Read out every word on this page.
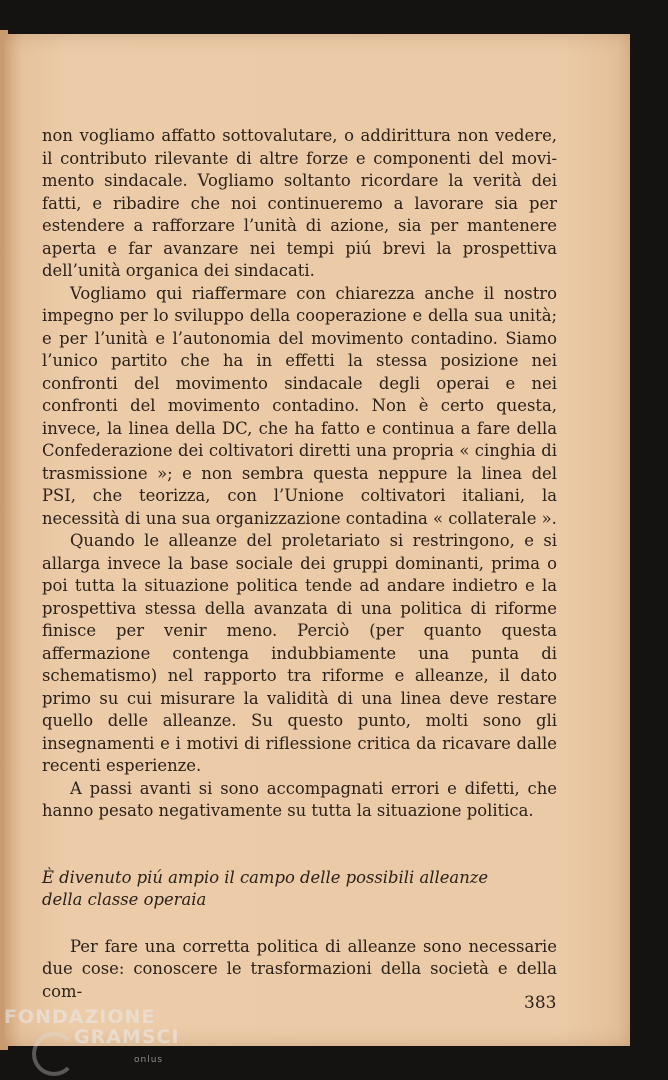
non vogliamo affatto sottovalutare, o addirittura non vedere, il contributo rilevante di altre forze e componenti del movimento sindacale. Vogliamo soltanto ricordare la verità dei fatti, e ribadire che noi continueremo a lavorare sia per estendere a rafforzare l’unità di azione, sia per mantenere aperta e far avanzare nei tempi piú brevi la prospettiva dell’unità organica dei sindacati.

Vogliamo qui riaffermare con chiarezza anche il nostro impegno per lo sviluppo della cooperazione e della sua unità; e per l’unità e l’autonomia del movimento contadino. Siamo l’unico partito che ha in effetti la stessa posizione nei confronti del movimento sindacale degli operai e nei confronti del movimento contadino. Non è certo questa, invece, la linea della DC, che ha fatto e continua a fare della Confederazione dei coltivatori diretti una propria « cinghia di trasmissione »; e non sembra questa neppure la linea del PSI, che teorizza, con l’Unione coltivatori italiani, la necessità di una sua organizzazione contadina « collaterale ».

Quando le alleanze del proletariato si restringono, e si allarga invece la base sociale dei gruppi dominanti, prima o poi tutta la situazione politica tende ad andare indietro e la prospettiva stessa della avanzata di una politica di riforme finisce per venir meno. Perciò (per quanto questa affermazione contenga indubbiamente una punta di schematismo) nel rapporto tra riforme e alleanze, il dato primo su cui misurare la validità di una linea deve restare quello delle alleanze. Su questo punto, molti sono gli insegnamenti e i motivi di riflessione critica da ricavare dalle recenti esperienze.

A passi avanti si sono accompagnati errori e difetti, che hanno pesato negativamente su tutta la situazione politica.

È divenuto piú ampio il campo delle possibili alleanze della classe operaia

Per fare una corretta politica di alleanze sono necessarie due cose: conoscere le trasformazioni della società e della com-

383
FONDAZIONE
GRAMSCI
onlus
